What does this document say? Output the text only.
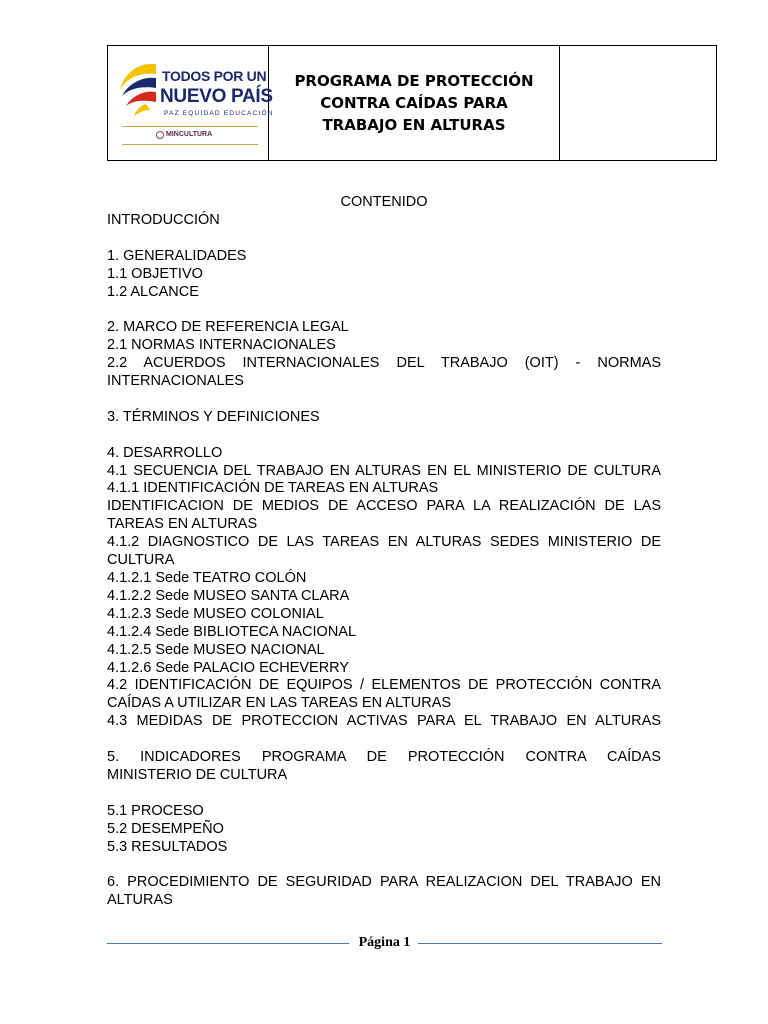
TODOS POR UN
NUEVO PAÍS
PAZ EQUIDAD EDUCACIÓN
MINCULTURA
PROGRAMA DE PROTECCIÓN
CONTRA CAÍDAS PARA
TRABAJO EN ALTURAS
CONTENIDO
INTRODUCCIÓN
1. GENERALIDADES
1.1 OBJETIVO
1.2 ALCANCE
2. MARCO DE REFERENCIA LEGAL
2.1 NORMAS INTERNACIONALES
2.2 ACUERDOS INTERNACIONALES DEL TRABAJO (OIT) - NORMAS
INTERNACIONALES
3. TÉRMINOS Y DEFINICIONES
4. DESARROLLO
4.1 SECUENCIA DEL TRABAJO EN ALTURAS EN EL MINISTERIO DE CULTURA
4.1.1 IDENTIFICACIÓN DE TAREAS EN ALTURAS
IDENTIFICACION DE MEDIOS DE ACCESO PARA LA REALIZACIÓN DE LAS
TAREAS EN ALTURAS
4.1.2 DIAGNOSTICO DE LAS TAREAS EN ALTURAS SEDES MINISTERIO DE
CULTURA
4.1.2.1 Sede TEATRO COLÓN
4.1.2.2 Sede MUSEO SANTA CLARA
4.1.2.3 Sede MUSEO COLONIAL
4.1.2.4 Sede BIBLIOTECA NACIONAL
4.1.2.5 Sede MUSEO NACIONAL
4.1.2.6 Sede PALACIO ECHEVERRY
4.2 IDENTIFICACIÓN DE EQUIPOS / ELEMENTOS DE PROTECCIÓN CONTRA
CAÍDAS A UTILIZAR EN LAS TAREAS EN ALTURAS
4.3 MEDIDAS DE PROTECCION ACTIVAS PARA EL TRABAJO EN ALTURAS
5. INDICADORES PROGRAMA DE PROTECCIÓN CONTRA CAÍDAS
MINISTERIO DE CULTURA
5.1 PROCESO
5.2 DESEMPEÑO
5.3 RESULTADOS
6. PROCEDIMIENTO DE SEGURIDAD PARA REALIZACION DEL TRABAJO EN
ALTURAS
Página 1
